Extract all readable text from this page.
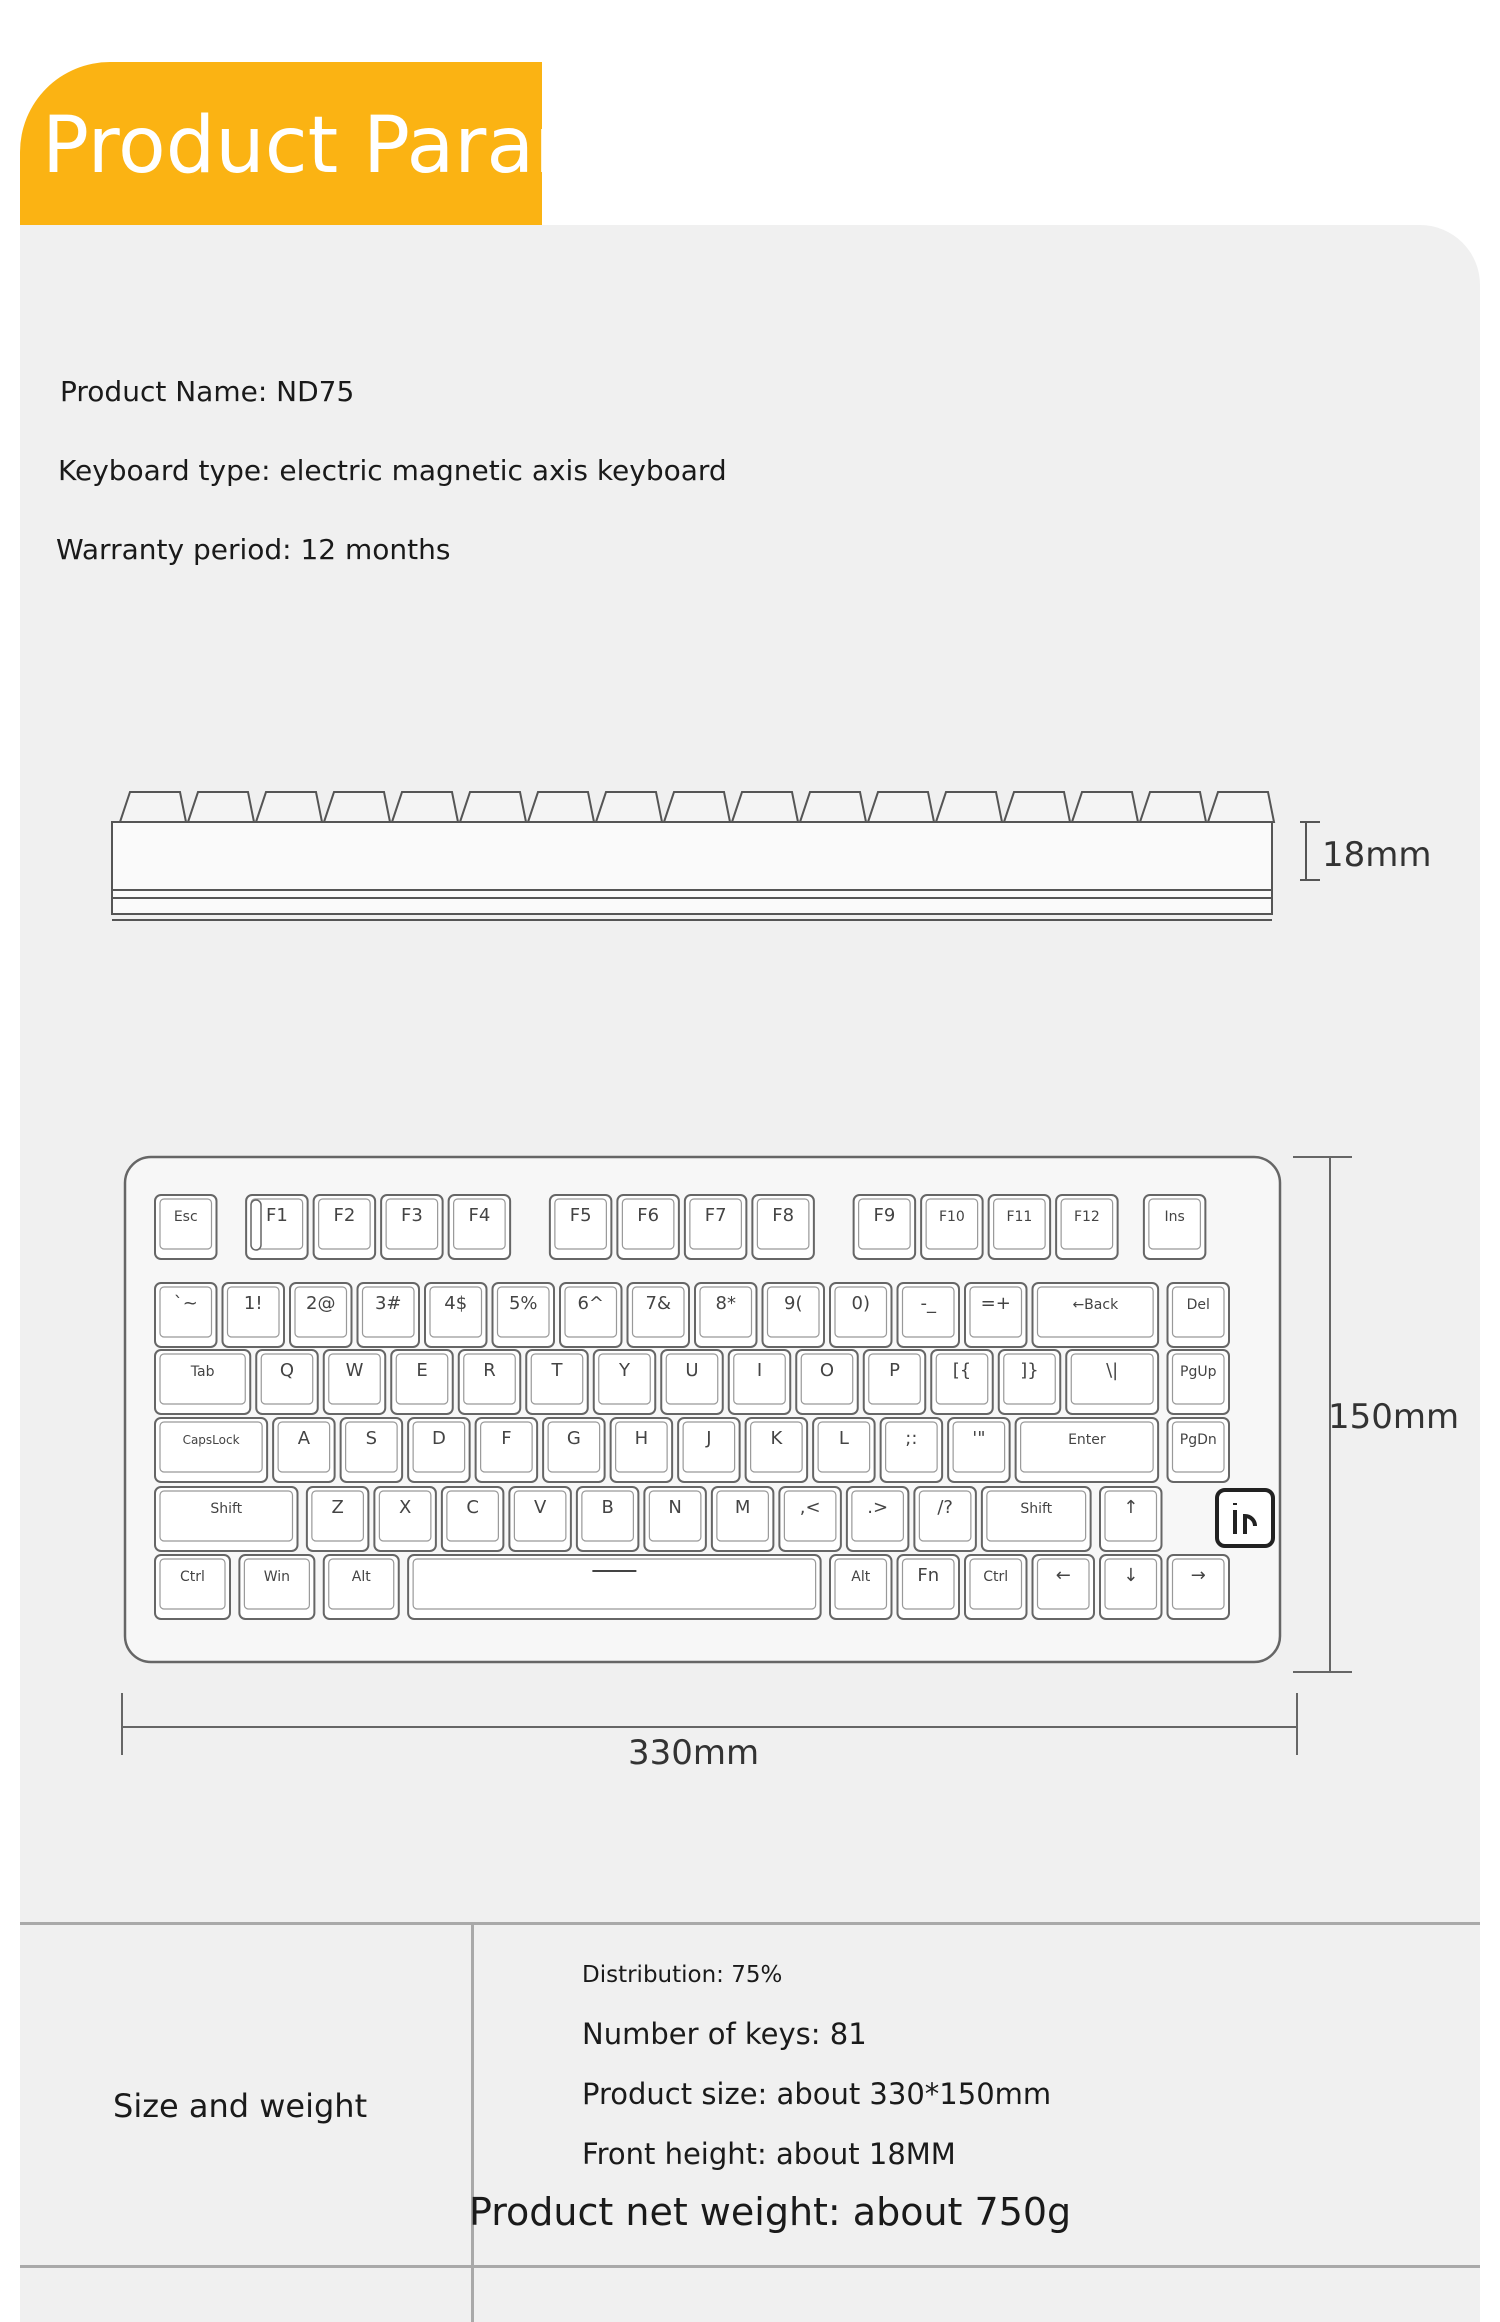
Product Param
Product Name: ND75
Keyboard type: electric magnetic axis keyboard
Warranty period: 12 months
18mm
Esc	F1	F2	F3	F4	F5	F6	F7	F8	F9	F10	F11	F12	Ins
`~	1! 2@ 3# 4$ 5% 6^ 7& 8*	9(	0)	-_ =+	←Back	Del
Tab	Q	W	E	R	T	Y	U	I	O	P	[{	]}	\|	PgUp
CapsLock	A	S	D	F	G	H	J	K	L	;:	'"	Enter	PgDn
Shift	Z	X	C	V	B	N	M	,<	.>	/?	Shift	↑
Ctrl	Win	Alt	Alt	Fn	Ctrl	←	↓	→
150mm
330mm
Size and weight
Distribution: 75%
Number of keys: 81
Product size: about 330*150mm
Front height: about 18MM
Product net weight: about 750g
